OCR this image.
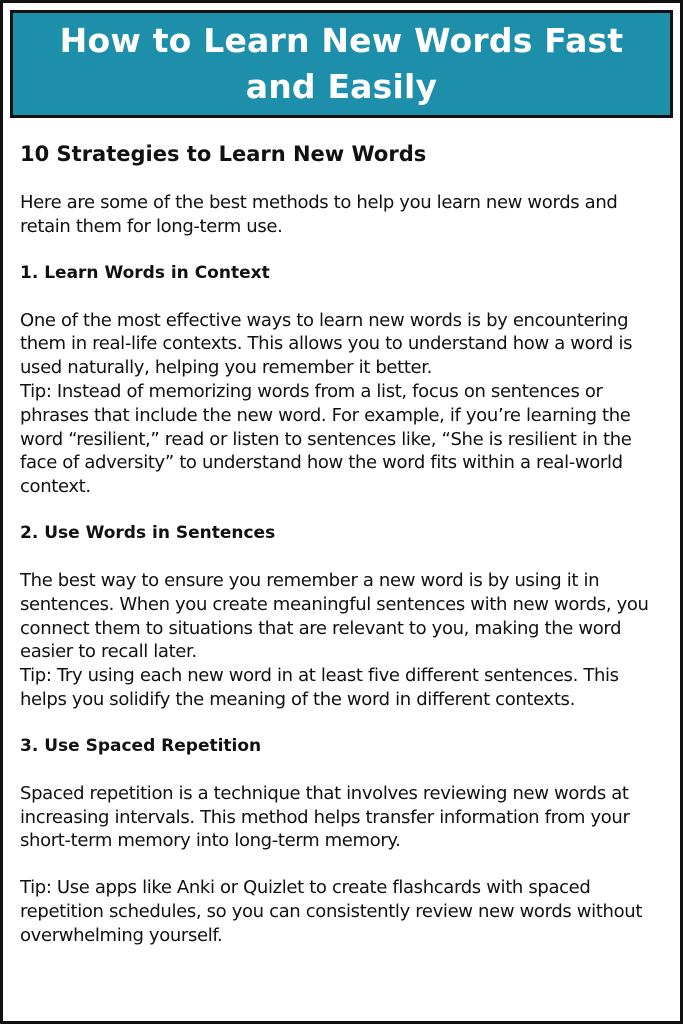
How to Learn New Words Fast and Easily
10 Strategies to Learn New Words

Here are some of the best methods to help you learn new words and retain them for long-term use.

1. Learn Words in Context

One of the most effective ways to learn new words is by encountering them in real-life contexts. This allows you to understand how a word is used naturally, helping you remember it better.

Tip: Instead of memorizing words from a list, focus on sentences or phrases that include the new word. For example, if you’re learning the word “resilient,” read or listen to sentences like, “She is resilient in the face of adversity” to understand how the word fits within a real-world context.

2. Use Words in Sentences

The best way to ensure you remember a new word is by using it in sentences. When you create meaningful sentences with new words, you connect them to situations that are relevant to you, making the word easier to recall later.

Tip: Try using each new word in at least five different sentences. This helps you solidify the meaning of the word in different contexts.

3. Use Spaced Repetition

Spaced repetition is a technique that involves reviewing new words at increasing intervals. This method helps transfer information from your short-term memory into long-term memory.

Tip: Use apps like Anki or Quizlet to create flashcards with spaced repetition schedules, so you can consistently review new words without overwhelming yourself.
